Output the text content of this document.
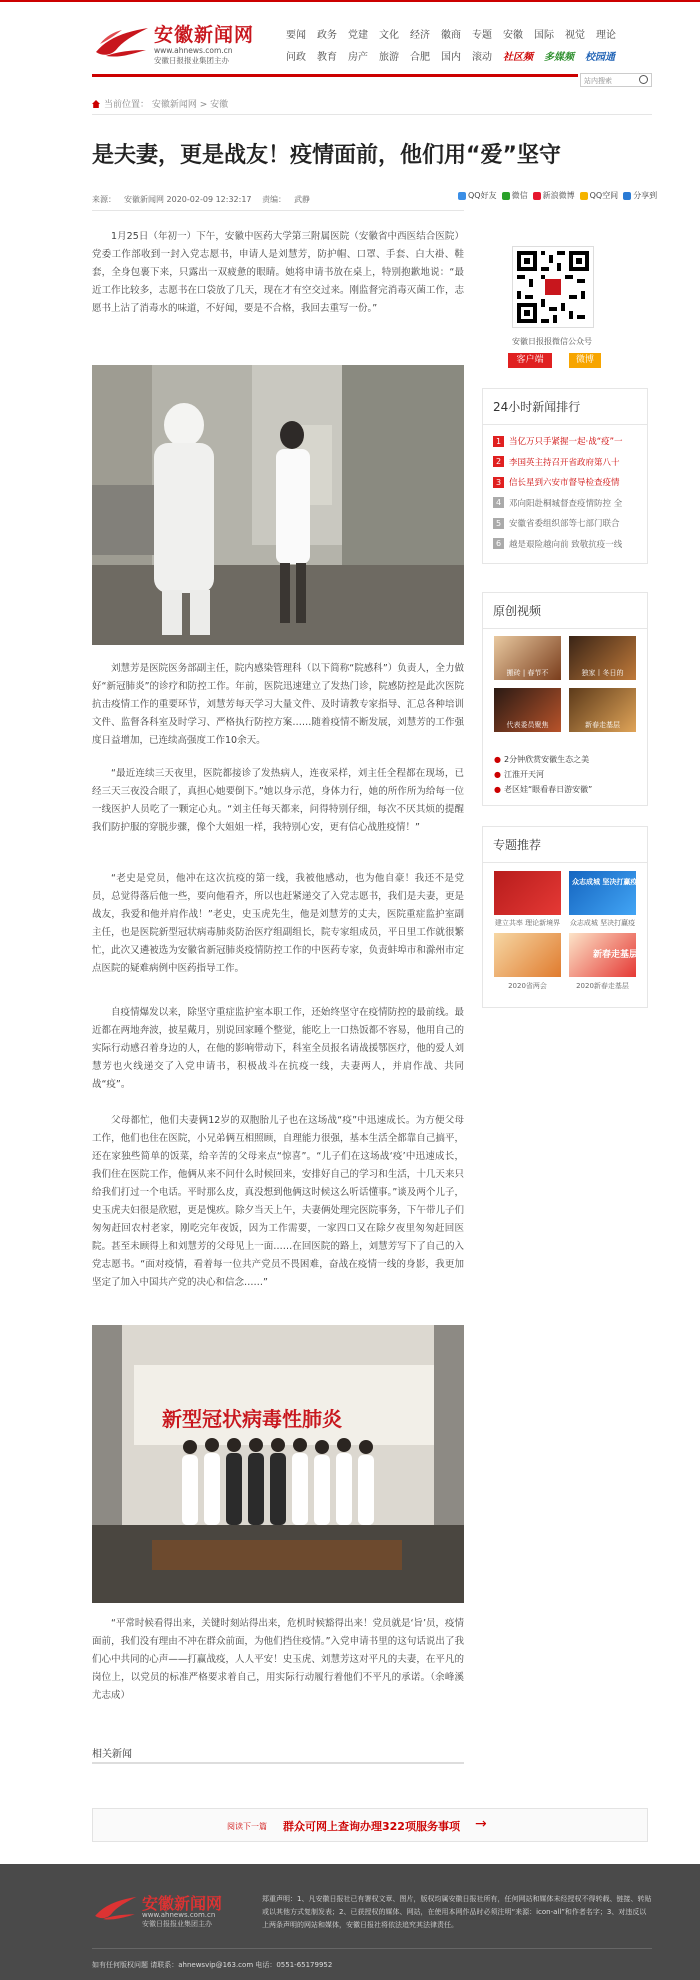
安徽新闻网
www.ahnews.com.cn
安徽日报报业集团主办
要闻 政务 党建 文化 经济 徽商 专题 安徽 国际 视觉 理论
问政 教育 房产 旅游 合肥 国内 滚动 社区频 多媒频 校园通
站内搜索
当前位置： 安徽新闻网 > 安徽
是夫妻，更是战友！疫情面前，他们用“爱”坚守
来源： 安徽新闻网 2020-02-09 12:32:17 责编： 武静	QQ好友 微信 新浪微博 QQ空间 分享到

1月25日（年初一）下午，安徽中医药大学第三附属医院（安徽省中西医结合医院）党委工作部收到一封入党志愿书，申请人是刘慧芳，防护帽、口罩、手套、白大褂、鞋套，全身包裹下来，只露出一双疲惫的眼睛。她将申请书放在桌上，特别抱歉地说：“最近工作比较多，志愿书在口袋放了几天，现在才有空交过来。刚监督完消毒灭菌工作，志愿书上沾了消毒水的味道，不好闻，要是不合格，我回去重写一份。”

刘慧芳是医院医务部副主任，院内感染管理科（以下简称“院感科”）负责人，全力做好“新冠肺炎”的诊疗和防控工作。年前，医院迅速建立了发热门诊，院感防控是此次医院抗击疫情工作的重要环节，刘慧芳每天学习大量文件、及时请教专家指导、汇总各种培训文件、监督各科室及时学习、严格执行防控方案……随着疫情不断发展，刘慧芳的工作强度日益增加，已连续高强度工作10余天。

“最近连续三天夜里，医院都接诊了发热病人，连夜采样，刘主任全程都在现场，已经三天三夜没合眼了，真担心她要倒下。”她以身示范，身体力行，她的所作所为给每一位一线医护人员吃了一颗定心丸。“刘主任每天都来，问得特别仔细，每次不厌其烦的提醒我们防护服的穿脱步骤，像个大姐姐一样，我特别心安，更有信心战胜疫情！”

“老史是党员，他冲在这次抗疫的第一线，我被他感动，也为他自豪！我还不是党员，总觉得落后他一些，要向他看齐，所以也赶紧递交了入党志愿书，我们是夫妻，更是战友，我爱和他并肩作战！”老史，史玉虎先生，他是刘慧芳的丈夫，医院重症监护室副主任，也是医院新型冠状病毒肺炎防治医疗组副组长，院专家组成员，平日里工作就很繁忙，此次又遴被选为安徽省新冠肺炎疫情防控工作的中医药专家，负责蚌埠市和滁州市定点医院的疑难病例中医药指导工作。

自疫情爆发以来，除坚守重症监护室本职工作，还始终坚守在疫情防控的最前线。最近都在两地奔波，披星戴月，别说回家睡个整觉，能吃上一口热饭都不容易，他用自己的实际行动感召着身边的人，在他的影响带动下，科室全员报名请战援鄂医疗，他的爱人刘慧芳也火线递交了入党申请书，积极战斗在抗疫一线，夫妻两人，并肩作战、共同战“疫”。

父母都忙，他们夫妻俩12岁的双胞胎儿子也在这场战“疫”中迅速成长。为方便父母工作，他们也住在医院，小兄弟俩互相照顾，自理能力很强，基本生活全都靠自己搞平，还在家独些简单的饭菜，给辛苦的父母来点“惊喜”。“儿子们在这场战‘疫’中迅速成长，我们住在医院工作，他俩从来不问什么时候回来，安排好自己的学习和生活，十几天来只给我们打过一个电话。平时那么皮，真没想到他俩这时候这么听话懂事。”谈及两个儿子，史玉虎夫妇很是欣慰，更是愧疚。除夕当天上午，夫妻俩处理完医院事务，下午带儿子们匆匆赶回农村老家，刚吃完年夜饭，因为工作需要，一家四口又在除夕夜里匆匆赶回医院。甚至未顾得上和刘慧芳的父母见上一面……在回医院的路上，刘慧芳写下了自己的入党志愿书。“面对疫情，看着每一位共产党员不畏困难，奋战在疫情一线的身影，我更加坚定了加入中国共产党的决心和信念……”

新型冠状病毒性肺炎

“平常时候看得出来，关键时刻站得出来，危机时候豁得出来！党员就是‘旨’员，疫情面前，我们没有理由不冲在群众前面，为他们挡住疫情。”入党申请书里的这句话说出了我们心中共同的心声——打赢战疫，人人平安！史玉虎、刘慧芳这对平凡的夫妻，在平凡的岗位上，以党员的标准严格要求着自己，用实际行动履行着他们不平凡的承诺。（余峰溪 尤志成）

相关新闻
阅读下一篇 群众可网上查询办理322项服务事项 →
安徽日报报微信公众号
客户端	微博
24小时新闻排行
1 当亿万只手紧握一起·战“疫”一
2 李国英主持召开省政府第八十
3 信长星到六安市督导检查疫情
4 邓向阳赴桐城督查疫情防控 全
5 安徽省委组织部等七部门联合
6 越是艰险越向前 致敬抗疫一线
原创视频
搬砖 | 春节不	独家丨冬日的
代表委员聚焦	新春走基层
● 2分钟欣赏安徽生态之美
● 江淮开天河
● 老区娃“眼看春日游安徽”
专题推荐
众志成城 坚决打赢疫
建立共率 理论新境界 众志成城 坚决打赢疫
新春走基层
2020省两会	2020新春走基层
安徽新闻网
www.ahnews.com.cn
安徽日报报业集团主办
郑重声明：1、凡安徽日报社已有署权文章、图片，版权均属安徽日报社所有，任何网站和媒体未经授权不得转载、链接、转贴或以其他方式复制发表；2、已获授权的媒体、网站，在使用本网作品时必须注明“来源：icon-all”和作者名字；3、对违反以上两条声明的网站和媒体，安徽日报社将依法追究其法律责任。
如有任何版权问题 请联系：ahnewsvip@163.com 电话：0551-65179952
